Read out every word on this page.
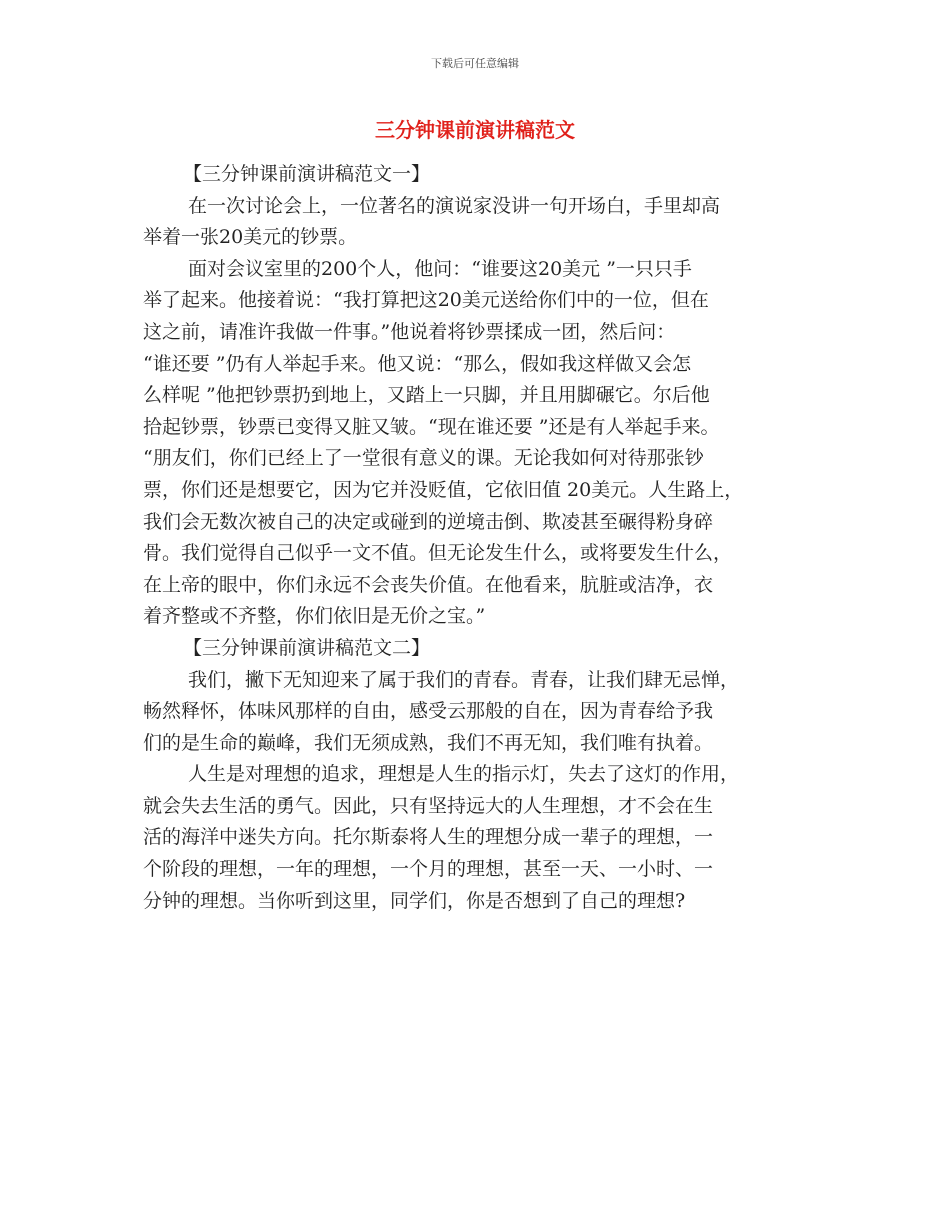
下载后可任意编辑
三分钟课前演讲稿范文
【三分钟课前演讲稿范文一】
在一次讨论会上，一位著名的演说家没讲一句开场白，手里却高
举着一张20美元的钞票。
面对会议室里的200个人，他问：“谁要这20美元 ”一只只手
举了起来。他接着说：“我打算把这20美元送给你们中的一位，但在
这之前，请准许我做一件事。”他说着将钞票揉成一团，然后问：
“谁还要 ”仍有人举起手来。他又说：“那么，假如我这样做又会怎
么样呢 ”他把钞票扔到地上，又踏上一只脚，并且用脚碾它。尔后他
拾起钞票，钞票已变得又脏又皱。“现在谁还要 ”还是有人举起手来。
“朋友们，你们已经上了一堂很有意义的课。无论我如何对待那张钞
票，你们还是想要它，因为它并没贬值，它依旧值 20美元。人生路上，
我们会无数次被自己的决定或碰到的逆境击倒、欺凌甚至碾得粉身碎
骨。我们觉得自己似乎一文不值。但无论发生什么，或将要发生什么，
在上帝的眼中，你们永远不会丧失价值。在他看来，肮脏或洁净，衣
着齐整或不齐整，你们依旧是无价之宝。”
【三分钟课前演讲稿范文二】
我们，撇下无知迎来了属于我们的青春。青春，让我们肆无忌惮，
畅然释怀，体味风那样的自由，感受云那般的自在，因为青春给予我
们的是生命的巅峰，我们无须成熟，我们不再无知，我们唯有执着。
人生是对理想的追求，理想是人生的指示灯，失去了这灯的作用，
就会失去生活的勇气。因此，只有坚持远大的人生理想，才不会在生
活的海洋中迷失方向。托尔斯泰将人生的理想分成一辈子的理想，一
个阶段的理想，一年的理想，一个月的理想，甚至一天、一小时、一
分钟的理想。当你听到这里，同学们，你是否想到了自己的理想?
